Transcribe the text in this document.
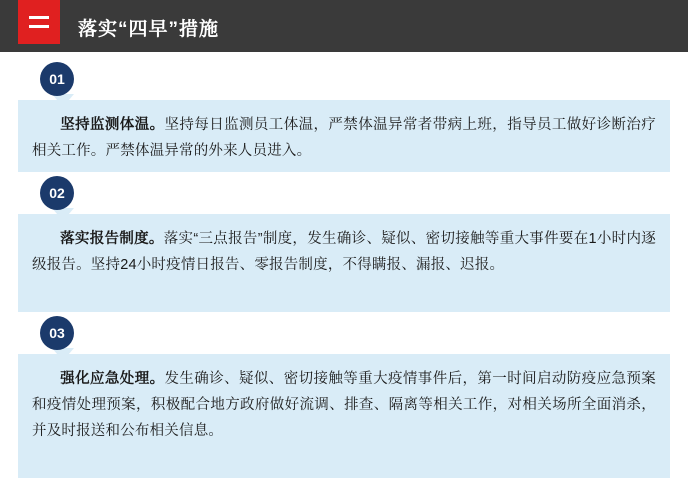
落实“四早”措施
01
坚持监测体温。坚持每日监测员工体温，严禁体温异常者带病上班，指导员工做好诊断治疗相关工作。严禁体温异常的外来人员进入。
02
落实报告制度。落实“三点报告”制度，发生确诊、疑似、密切接触等重大事件要在1小时内逐级报告。坚持24小时疫情日报告、零报告制度，不得瞒报、漏报、迟报。
03
强化应急处理。发生确诊、疑似、密切接触等重大疫情事件后，第一时间启动防疫应急预案和疫情处理预案，积极配合地方政府做好流调、排查、隔离等相关工作，对相关场所全面消杀，并及时报送和公布相关信息。
